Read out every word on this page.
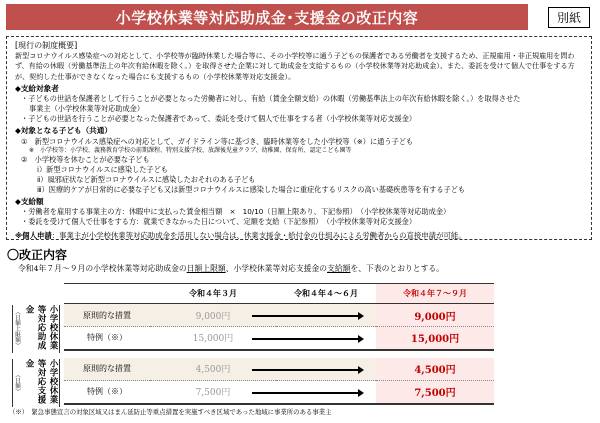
小学校休業等対応助成金･支援金の改正内容	別紙
[現行の制度概要]
新型コロナウイルス感染症への対応として、小学校等が臨時休業した場合等に、その小学校等に通う子どもの保護者である労働者を支援するため、正規雇用・非正規雇用を問わず、有給の休暇（労働基準法上の年次有給休暇を除く。）を取得させた企業に対して助成金を支給するもの（小学校休業等対応助成金）、また、委託を受けて個人で仕事をする方が、契約した仕事ができなくなった場合にも支援するもの（小学校休業等対応支援金）。
◆支給対象者
・子どもの世話を保護者として行うことが必要となった労働者に対し、有給（賃金全額支給）の休暇（労働基準法上の年次有給休暇を除く。）を取得させた
事業主（小学校休業等対応助成金）
・子どもの世話を行うことが必要となった保護者であって、委託を受けて個人で仕事をする者（小学校休業等対応支援金）
◆対象となる子ども（共通）
①　新型コロナウイルス感染症への対応として、ガイドライン等に基づき、臨時休業等をした小学校等（※）に通う子ども
※　小学校等：小学校、義務教育学校の前期課程、特別支援学校、放課後児童クラブ、幼稚園、保育所、認定こども園等
②　小学校等を休むことが必要な子ども
ⅰ）新型コロナウイルスに感染した子ども
ⅱ）風邪症状など新型コロナウイルスに感染したおそれのある子ども
ⅲ）医療的ケアが日常的に必要な子ども又は新型コロナウイルスに感染した場合に重症化するリスクの高い基礎疾患等を有する子ども
◆支給額
・労働者を雇用する事業主の方：休暇中に支払った賃金相当額　×　10/10（日額上限あり、下記参照）　（小学校休業等対応助成金）
・委託を受けて個人で仕事をする方：就業できなかった日について、定額を支給（下記参照）　（小学校休業等対応支援金）
※個人申請：事業主が小学校休業等対応助成金を活用しない場合は、休業支援金・給付金の仕組みによる労働者からの直接申請が可能。
〇改正内容
令和4年７月～９月の小学校休業等対応助成金の日額上限額、小学校休業等対応支援金の支給額を、下表のとおりとする。
	令和４年３月	令和４年４～６月	令和４年７～９月
原則的な措置	9,000円		9,000円
特例（※）	15,000円		15,000円

原則的な措置	4,500円		4,500円
特例（※）	7,500円		7,500円
小学校休業等対応助成金
（日額上限額）
小学校休業等対応支援金
（日額）
（※）　緊急事態宣言の対象区域又はまん延防止等重点措置を実施すべき区域であった地域に事業所のある事業主
